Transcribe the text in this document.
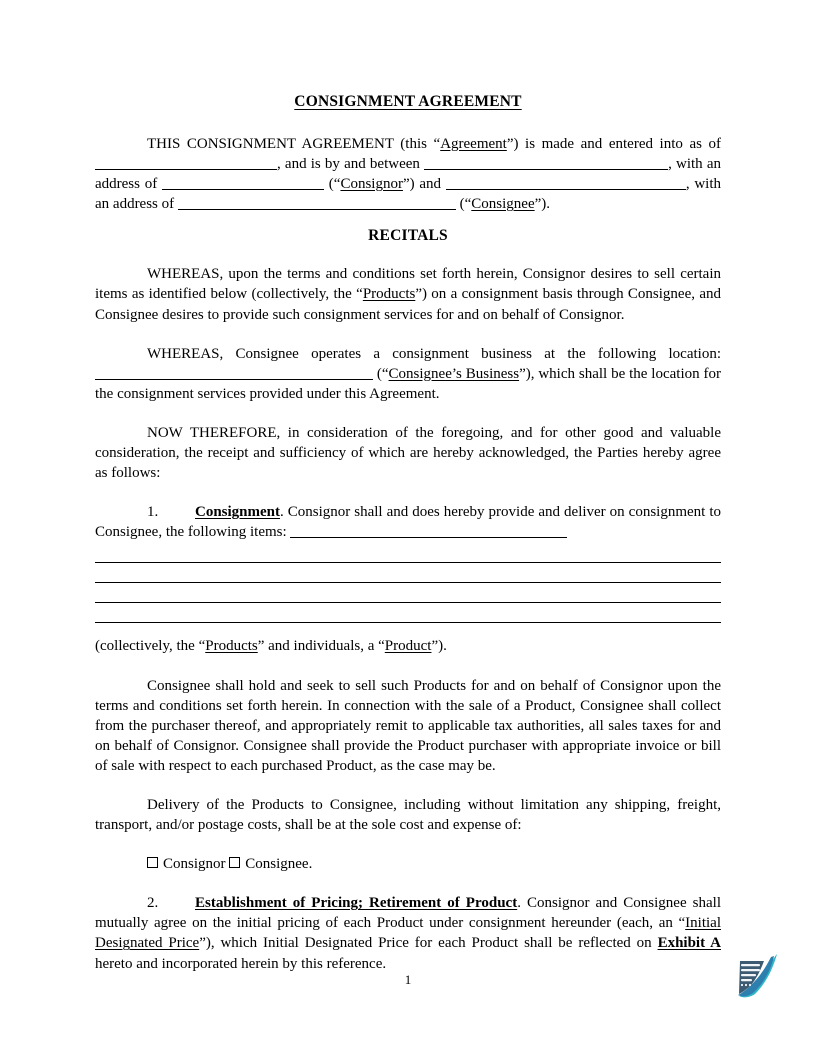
CONSIGNMENT AGREEMENT

THIS CONSIGNMENT AGREEMENT (this “Agreement”) is made and entered into as of , and is by and between	, with an address of	(“Consignor”) and	, with an address of	(“Consignee”).

RECITALS

WHEREAS, upon the terms and conditions set forth herein, Consignor desires to sell certain items as identified below (collectively, the “Products”) on a consignment basis through Consignee, and Consignee desires to provide such consignment services for and on behalf of Consignor.

WHEREAS, Consignee operates a consignment business at the following location:  (“Consignee’s Business”), which shall be the location for the consignment services provided under this Agreement.

NOW THEREFORE, in consideration of the foregoing, and for other good and valuable consideration, the receipt and sufficiency of which are hereby acknowledged, the Parties hereby agree as follows:

1. Consignment. Consignor shall and does hereby provide and deliver on consignment to Consignee, the following items:

(collectively, the “Products” and individuals, a “Product”).

Consignee shall hold and seek to sell such Products for and on behalf of Consignor upon the terms and conditions set forth herein. In connection with the sale of a Product, Consignee shall collect from the purchaser thereof, and appropriately remit to applicable tax authorities, all sales taxes for and on behalf of Consignor. Consignee shall provide the Product purchaser with appropriate invoice or bill of sale with respect to each purchased Product, as the case may be.

Delivery of the Products to Consignee, including without limitation any shipping, freight, transport, and/or postage costs, shall be at the sole cost and expense of:

Consignor Consignee.

2. Establishment of Pricing; Retirement of Product. Consignor and Consignee shall mutually agree on the initial pricing of each Product under consignment hereunder (each, an “Initial Designated Price”), which Initial Designated Price for each Product shall be reflected on Exhibit A hereto and incorporated herein by this reference.

1
